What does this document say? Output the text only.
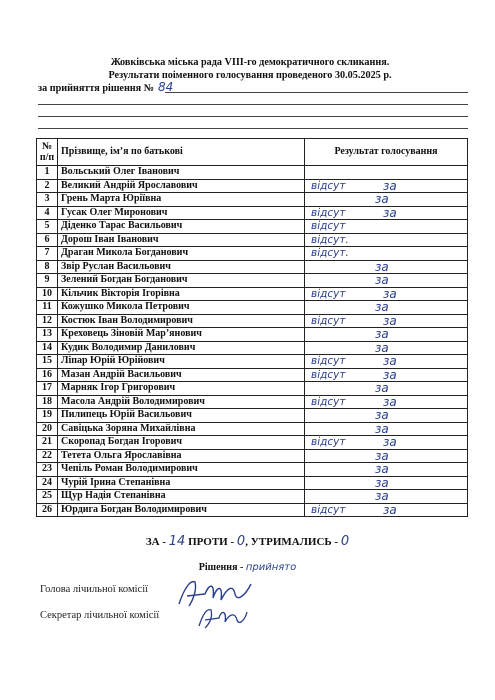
Жовківська міська рада VIII-го демократичного скликання.
Результати поіменного голосування проведеного 30.05.2025 р.
за прийняття рішення № 84
№
п/п	Прізвище, ім’я по батькові	Результат голосування
1	Вольський Олег Іванович	
2	Великий Андрій Ярославович	відсут за

3	Грень Марта Юріївна	за

4	Гусак Олег Миронович	відсут за

5	Діденко Тарас Васильович	відсут

6	Дорош Іван Іванович	відсут.

7	Драган Микола Богданович	відсут.

8	Звір Руслан Васильович	за

9	Зелений Богдан Богданович	за

10	Кільчик Вікторія Ігорівна	відсут за

11	Кожушко Микола Петрович	за

12	Костюк Іван Володимирович	відсут за

13	Креховець Зіновій Мар’янович	за

14	Кудик Володимир Данилович	за

15	Лiпар Юрiй Юрiйович	відсут за

16	Мазан Андрій Васильович	відсут за

17	Марняк Ігор Григорович	за

18	Масола Андрій Володимирович	відсут за

19	Пилипець Юрій Васильович	за

20	Савіцька Зоряна Михайлівна	за

21	Скоропад Богдан Ігорович	відсут за

22	Тетета Ольга Ярославівна	за

23	Чепіль Роман Володимирович	за

24	Чурій Ірина Степанівна	за

25	Щур Надія Степанівна	за

26	Юрдига Богдан Володимирович	відсут за
ЗА - 14 ПРОТИ - 0, УТРИМАЛИСЬ - 0
Рішення - прийнято
Голова лічильної комісії
Секретар лічильної комісії
